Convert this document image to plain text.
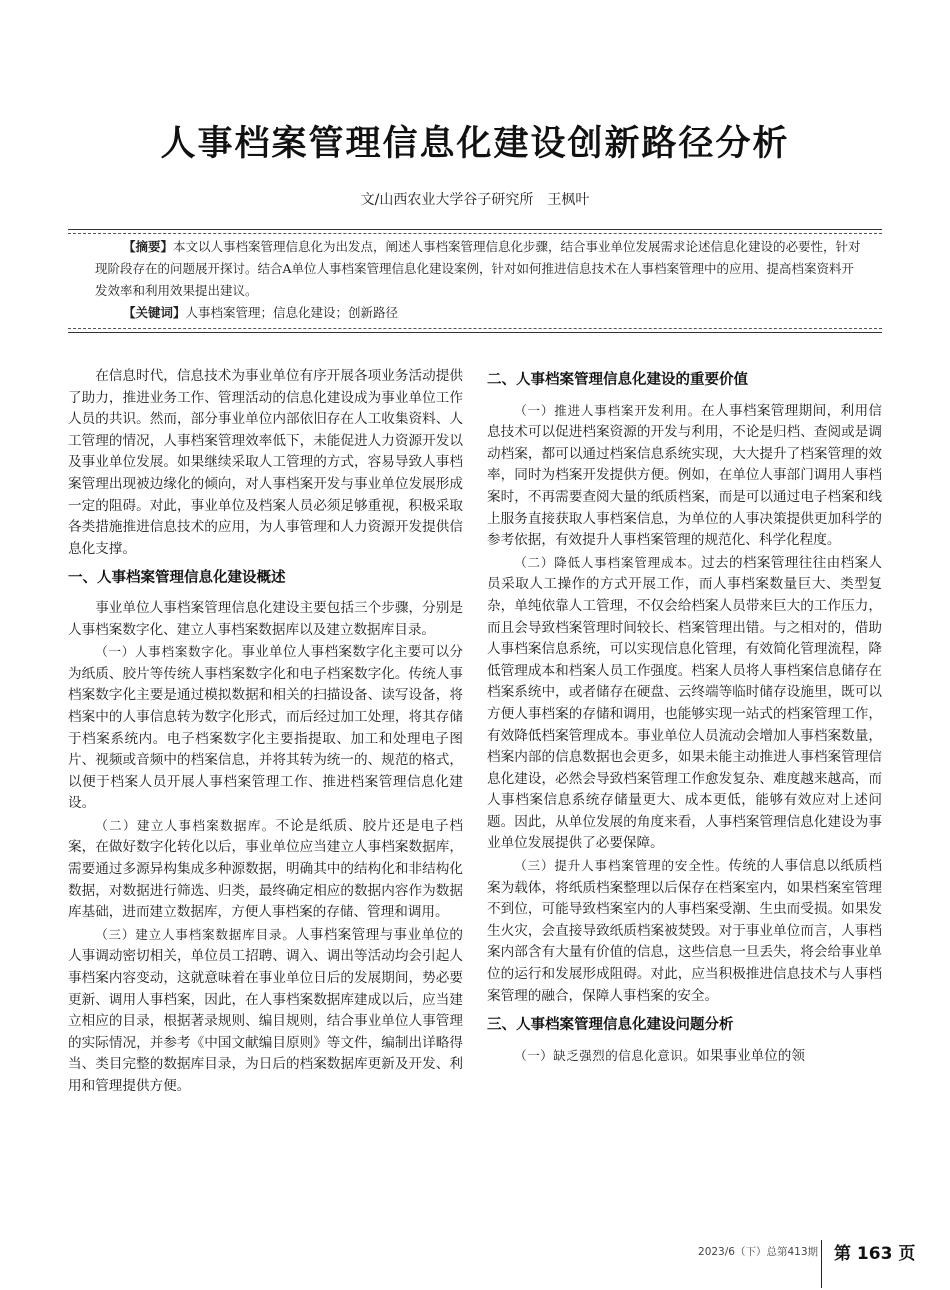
人事档案管理信息化建设创新路径分析
文/山西农业大学谷子研究所 王枫叶

【摘要】本文以人事档案管理信息化为出发点，阐述人事档案管理信息化步骤，结合事业单位发展需求论述信息化建设的必要性，针对现阶段存在的问题展开探讨。结合A单位人事档案管理信息化建设案例，针对如何推进信息技术在人事档案管理中的应用、提高档案资料开发效率和利用效果提出建议。

【关键词】人事档案管理；信息化建设；创新路径

在信息时代，信息技术为事业单位有序开展各项业务活动提供了助力，推进业务工作、管理活动的信息化建设成为事业单位工作人员的共识。然而，部分事业单位内部依旧存在人工收集资料、人工管理的情况，人事档案管理效率低下，未能促进人力资源开发以及事业单位发展。如果继续采取人工管理的方式，容易导致人事档案管理出现被边缘化的倾向，对人事档案开发与事业单位发展形成一定的阻碍。对此，事业单位及档案人员必须足够重视，积极采取各类措施推进信息技术的应用，为人事管理和人力资源开发提供信息化支撑。

一、人事档案管理信息化建设概述

事业单位人事档案管理信息化建设主要包括三个步骤，分别是人事档案数字化、建立人事档案数据库以及建立数据库目录。

（一）人事档案数字化。事业单位人事档案数字化主要可以分为纸质、胶片等传统人事档案数字化和电子档案数字化。传统人事档案数字化主要是通过模拟数据和相关的扫描设备、读写设备，将档案中的人事信息转为数字化形式，而后经过加工处理，将其存储于档案系统内。电子档案数字化主要指提取、加工和处理电子图片、视频或音频中的档案信息，并将其转为统一的、规范的格式，以便于档案人员开展人事档案管理工作、推进档案管理信息化建设。

（二）建立人事档案数据库。不论是纸质、胶片还是电子档案，在做好数字化转化以后，事业单位应当建立人事档案数据库，需要通过多源异构集成多种源数据，明确其中的结构化和非结构化数据，对数据进行筛选、归类，最终确定相应的数据内容作为数据库基础，进而建立数据库，方便人事档案的存储、管理和调用。

（三）建立人事档案数据库目录。人事档案管理与事业单位的人事调动密切相关，单位员工招聘、调入、调出等活动均会引起人事档案内容变动，这就意味着在事业单位日后的发展期间，势必要更新、调用人事档案，因此，在人事档案数据库建成以后，应当建立相应的目录，根据著录规则、编目规则，结合事业单位人事管理的实际情况，并参考《中国文献编目原则》等文件，编制出详略得当、类目完整的数据库目录，为日后的档案数据库更新及开发、利用和管理提供方便。

二、人事档案管理信息化建设的重要价值

（一）推进人事档案开发利用。在人事档案管理期间，利用信息技术可以促进档案资源的开发与利用，不论是归档、查阅或是调动档案，都可以通过档案信息系统实现，大大提升了档案管理的效率，同时为档案开发提供方便。例如，在单位人事部门调用人事档案时，不再需要查阅大量的纸质档案，而是可以通过电子档案和线上服务直接获取人事档案信息，为单位的人事决策提供更加科学的参考依据，有效提升人事档案管理的规范化、科学化程度。

（二）降低人事档案管理成本。过去的档案管理往往由档案人员采取人工操作的方式开展工作，而人事档案数量巨大、类型复杂，单纯依靠人工管理，不仅会给档案人员带来巨大的工作压力，而且会导致档案管理时间较长、档案管理出错。与之相对的，借助人事档案信息系统，可以实现信息化管理，有效简化管理流程，降低管理成本和档案人员工作强度。档案人员将人事档案信息储存在档案系统中，或者储存在硬盘、云终端等临时储存设施里，既可以方便人事档案的存储和调用，也能够实现一站式的档案管理工作，有效降低档案管理成本。事业单位人员流动会增加人事档案数量，档案内部的信息数据也会更多，如果未能主动推进人事档案管理信息化建设，必然会导致档案管理工作愈发复杂、难度越来越高，而人事档案信息系统存储量更大、成本更低，能够有效应对上述问题。因此，从单位发展的角度来看，人事档案管理信息化建设为事业单位发展提供了必要保障。

（三）提升人事档案管理的安全性。传统的人事信息以纸质档案为载体，将纸质档案整理以后保存在档案室内，如果档案室管理不到位，可能导致档案室内的人事档案受潮、生虫而受损。如果发生火灾，会直接导致纸质档案被焚毁。对于事业单位而言，人事档案内部含有大量有价值的信息，这些信息一旦丢失，将会给事业单位的运行和发展形成阻碍。对此，应当积极推进信息技术与人事档案管理的融合，保障人事档案的安全。

三、人事档案管理信息化建设问题分析

（一）缺乏强烈的信息化意识。如果事业单位的领

2023/6（下）总第413期 第 163 页
